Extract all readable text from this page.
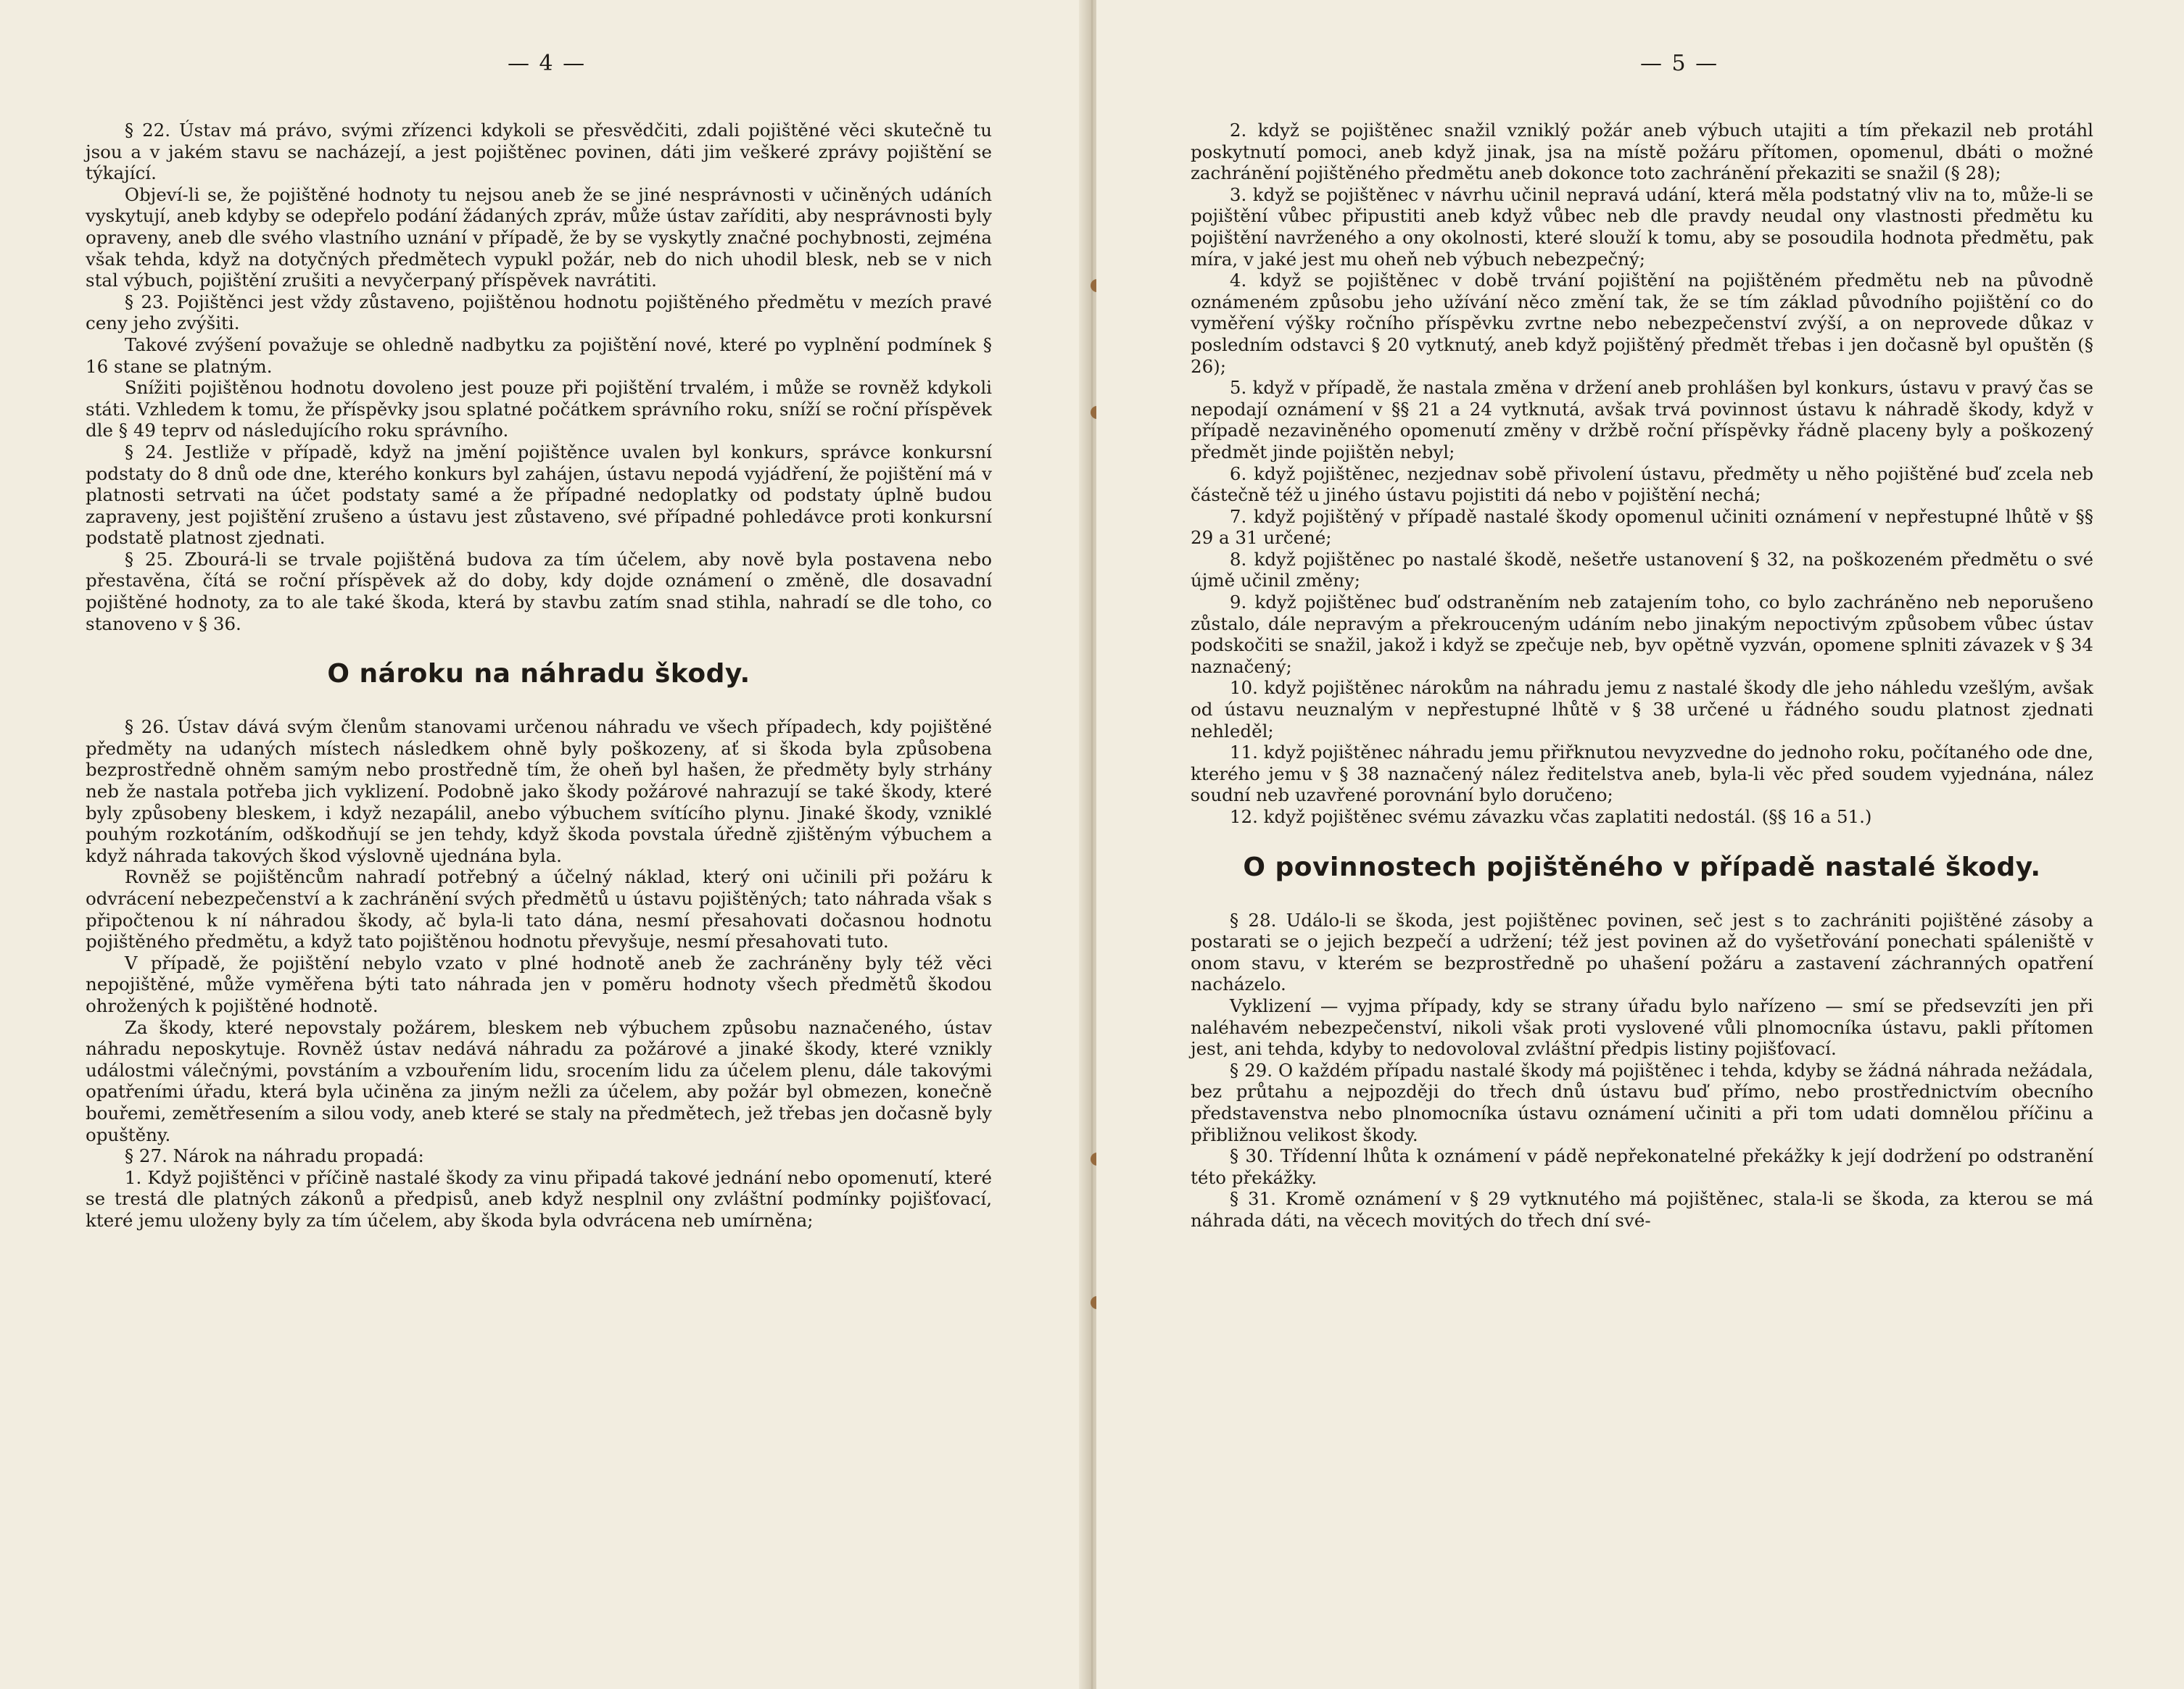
— 4 —

§ 22. Ústav má právo, svými zřízenci kdykoli se přesvědčiti, zdali pojištěné věci skutečně tu jsou a v jakém stavu se nacházejí, a jest pojištěnec povinen, dáti jim veškeré zprávy pojištění se týkající.

Objeví-li se, že pojištěné hodnoty tu nejsou aneb že se jiné nesprávnosti v učiněných udáních vyskytují, aneb kdyby se odepřelo podání žádaných zpráv, může ústav zaříditi, aby nesprávnosti byly opraveny, aneb dle svého vlastního uznání v případě, že by se vyskytly značné pochybnosti, zejména však tehda, když na dotyčných předmětech vypukl požár, neb do nich uhodil blesk, neb se v nich stal výbuch, pojištění zrušiti a nevyčerpaný příspěvek navrátiti.

§ 23. Pojištěnci jest vždy zůstaveno, pojištěnou hodnotu pojištěného předmětu v mezích pravé ceny jeho zvýšiti.

Takové zvýšení považuje se ohledně nadbytku za pojištění nové, které po vyplnění podmínek § 16 stane se platným.

Snížiti pojištěnou hodnotu dovoleno jest pouze při pojištění trvalém, i může se rovněž kdykoli státi. Vzhledem k tomu, že příspěvky jsou splatné počátkem správního roku, sníží se roční příspěvek dle § 49 teprv od následujícího roku správního.

§ 24. Jestliže v případě, když na jmění pojištěnce uvalen byl konkurs, správce konkursní podstaty do 8 dnů ode dne, kterého konkurs byl zahájen, ústavu nepodá vyjádření, že pojištění má v platnosti setrvati na účet podstaty samé a že případné nedoplatky od podstaty úplně budou zapraveny, jest pojištění zrušeno a ústavu jest zůstaveno, své případné pohledávce proti konkursní podstatě platnost zjednati.

§ 25. Zbourá-li se trvale pojištěná budova za tím účelem, aby nově byla postavena nebo přestavěna, čítá se roční příspěvek až do doby, kdy dojde oznámení o změně, dle dosavadní pojištěné hodnoty, za to ale také škoda, která by stavbu zatím snad stihla, nahradí se dle toho, co stanoveno v § 36.

O nároku na náhradu škody.

§ 26. Ústav dává svým členům stanovami určenou náhradu ve všech případech, kdy pojištěné předměty na udaných místech následkem ohně byly poškozeny, ať si škoda byla způsobena bezprostředně ohněm samým nebo prostředně tím, že oheň byl hašen, že předměty byly strhány neb že nastala potřeba jich vyklizení. Podobně jako škody požárové nahrazují se také škody, které byly způsobeny bleskem, i když nezapálil, anebo výbuchem svítícího plynu. Jinaké škody, vzniklé pouhým rozkotáním, odškodňují se jen tehdy, když škoda povstala úředně zjištěným výbuchem a když náhrada takových škod výslovně ujednána byla.

Rovněž se pojištěncům nahradí potřebný a účelný náklad, který oni učinili při požáru k odvrácení nebezpečenství a k zachránění svých předmětů u ústavu pojištěných; tato náhrada však s připočtenou k ní náhradou škody, ač byla-li tato dána, nesmí přesahovati dočasnou hodnotu pojištěného předmětu, a když tato pojištěnou hodnotu převyšuje, nesmí přesahovati tuto.

V případě, že pojištění nebylo vzato v plné hodnotě aneb že zachráněny byly též věci nepojištěné, může vyměřena býti tato náhrada jen v poměru hodnoty všech předmětů škodou ohrožených k pojištěné hodnotě.

Za škody, které nepovstaly požárem, bleskem neb výbuchem způsobu naznačeného, ústav náhradu neposkytuje. Rovněž ústav nedává náhradu za požárové a jinaké škody, které vznikly událostmi válečnými, povstáním a vzbouřením lidu, srocením lidu za účelem plenu, dále takovými opatřeními úřadu, která byla učiněna za jiným nežli za účelem, aby požár byl obmezen, konečně bouřemi, zemětřesením a silou vody, aneb které se staly na předmětech, jež třebas jen dočasně byly opuštěny.

§ 27. Nárok na náhradu propadá:

1. Když pojištěnci v příčině nastalé škody za vinu připadá takové jednání nebo opomenutí, které se trestá dle platných zákonů a předpisů, aneb když nesplnil ony zvláštní podmínky pojišťovací, které jemu uloženy byly za tím účelem, aby škoda byla odvrácena neb umírněna;

— 5 —

2. když se pojištěnec snažil vzniklý požár aneb výbuch utajiti a tím překazil neb protáhl poskytnutí pomoci, aneb když jinak, jsa na místě požáru přítomen, opomenul, dbáti o možné zachránění pojištěného předmětu aneb dokonce toto zachránění překaziti se snažil (§ 28);

3. když se pojištěnec v návrhu učinil nepravá udání, která měla podstatný vliv na to, může-li se pojištění vůbec připustiti aneb když vůbec neb dle pravdy neudal ony vlastnosti předmětu ku pojištění navrženého a ony okolnosti, které slouží k tomu, aby se posoudila hodnota předmětu, pak míra, v jaké jest mu oheň neb výbuch nebezpečný;

4. když se pojištěnec v době trvání pojištění na pojištěném předmětu neb na původně oznámeném způsobu jeho užívání něco změní tak, že se tím základ původního pojištění co do vyměření výšky ročního příspěvku zvrtne nebo nebezpečenství zvýší, a on neprovede důkaz v posledním odstavci § 20 vytknutý, aneb když pojištěný předmět třebas i jen dočasně byl opuštěn (§ 26);

5. když v případě, že nastala změna v držení aneb prohlášen byl konkurs, ústavu v pravý čas se nepodají oznámení v §§ 21 a 24 vytknutá, avšak trvá povinnost ústavu k náhradě škody, když v případě nezaviněného opomenutí změny v držbě roční příspěvky řádně placeny byly a poškozený předmět jinde pojištěn nebyl;

6. když pojištěnec, nezjednav sobě přivolení ústavu, předměty u něho pojištěné buď zcela neb částečně též u jiného ústavu pojistiti dá nebo v pojištění nechá;

7. když pojištěný v případě nastalé škody opomenul učiniti oznámení v nepřestupné lhůtě v §§ 29 a 31 určené;

8. když pojištěnec po nastalé škodě, nešetře ustanovení § 32, na poškozeném předmětu o své újmě učinil změny;

9. když pojištěnec buď odstraněním neb zatajením toho, co bylo zachráněno neb neporušeno zůstalo, dále nepravým a překrouceným udáním nebo jinakým nepoctivým způsobem vůbec ústav podskočiti se snažil, jakož i když se zpečuje neb, byv opětně vyzván, opomene splniti závazek v § 34 naznačený;

10. když pojištěnec nárokům na náhradu jemu z nastalé škody dle jeho náhledu vzešlým, avšak od ústavu neuznalým v nepřestupné lhůtě v § 38 určené u řádného soudu platnost zjednati nehleděl;

11. když pojištěnec náhradu jemu přiřknutou nevyzvedne do jednoho roku, počítaného ode dne, kterého jemu v § 38 naznačený nález ředitelstva aneb, byla-li věc před soudem vyjednána, nález soudní neb uzavřené porovnání bylo doručeno;

12. když pojištěnec svému závazku včas zaplatiti nedostál. (§§ 16 a 51.)

O povinnostech pojištěného v případě nastalé škody.

§ 28. Událo-li se škoda, jest pojištěnec povinen, seč jest s to zachrániti pojištěné zásoby a postarati se o jejich bezpečí a udržení; též jest povinen až do vyšetřování ponechati spáleniště v onom stavu, v kterém se bezprostředně po uhašení požáru a zastavení záchranných opatření nacházelo.

Vyklizení — vyjma případy, kdy se strany úřadu bylo nařízeno — smí se předsevzíti jen při naléhavém nebezpečenství, nikoli však proti vyslovené vůli plnomocníka ústavu, pakli přítomen jest, ani tehda, kdyby to nedovoloval zvláštní předpis listiny pojišťovací.

§ 29. O každém případu nastalé škody má pojištěnec i tehda, kdyby se žádná náhrada nežádala, bez průtahu a nejpozději do třech dnů ústavu buď přímo, nebo prostřednictvím obecního představenstva nebo plnomocníka ústavu oznámení učiniti a při tom udati domnělou příčinu a přibližnou velikost škody.

§ 30. Třídenní lhůta k oznámení v pádě nepřekonatelné překážky k její dodržení po odstranění této překážky.

§ 31. Kromě oznámení v § 29 vytknutého má pojištěnec, stala-li se škoda, za kterou se má náhrada dáti, na věcech movitých do třech dní své-
